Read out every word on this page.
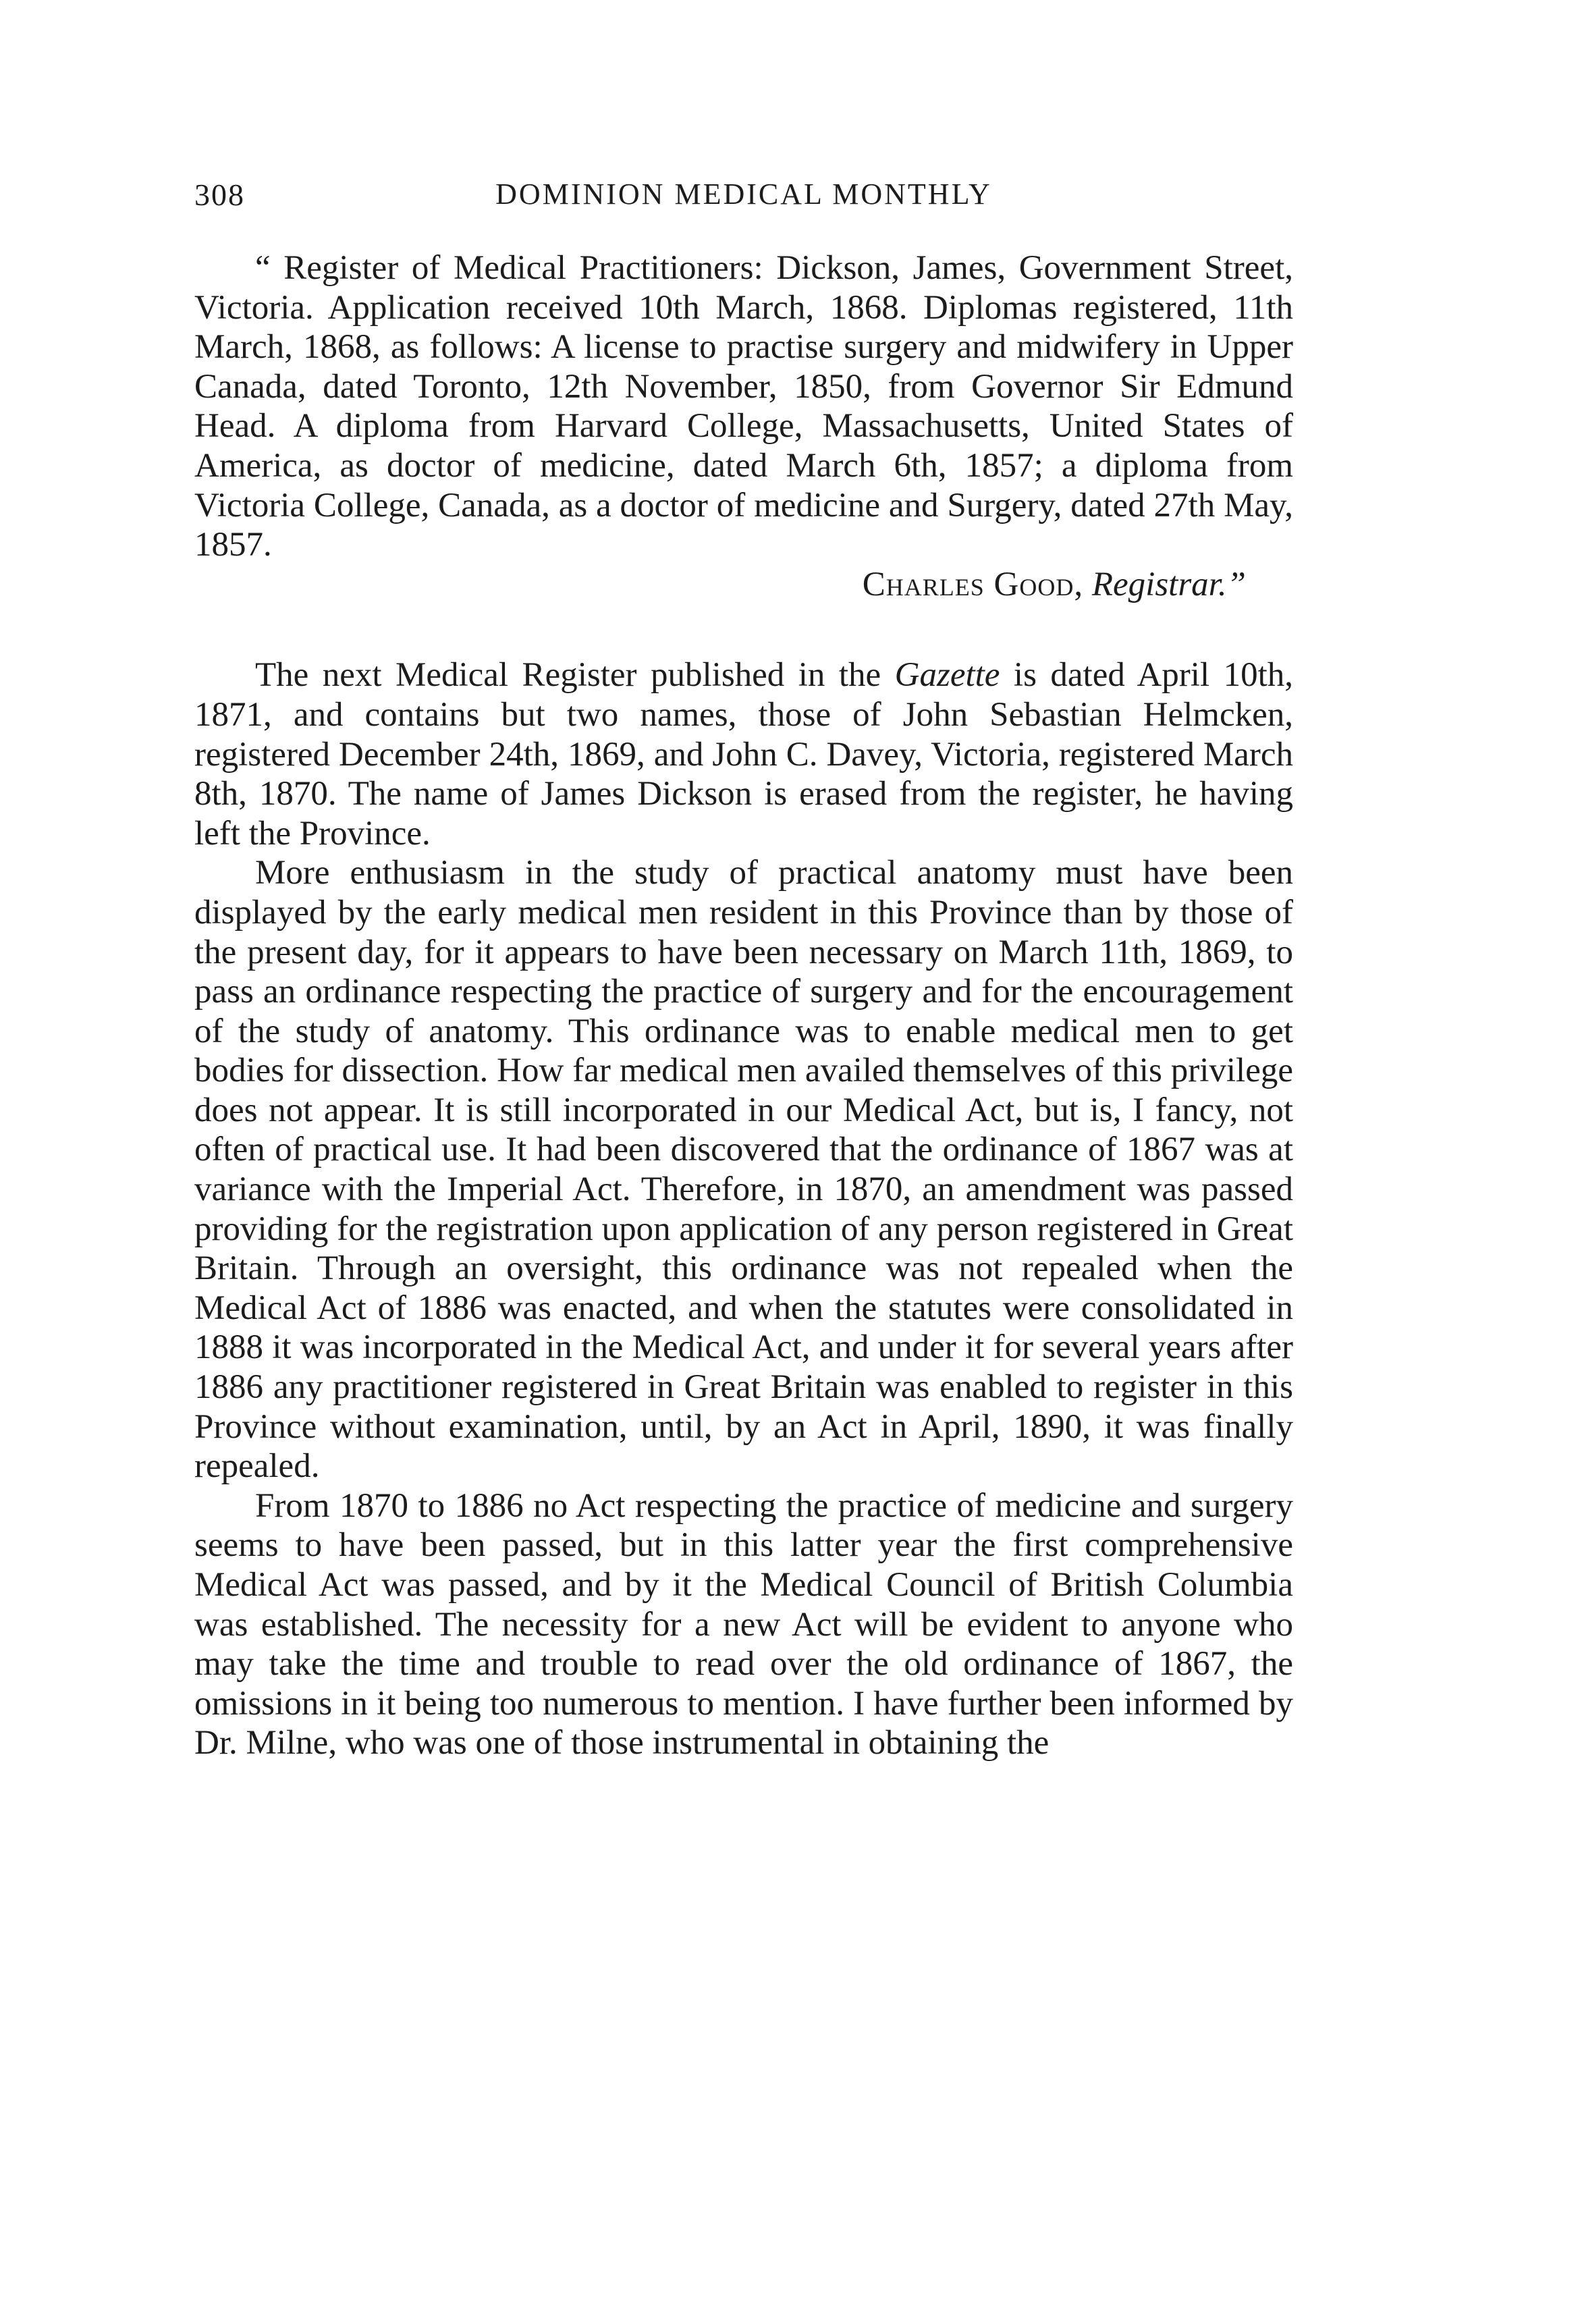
308	DOMINION MEDICAL MONTHLY

“ Register of Medical Practitioners: Dickson, James, Government Street, Victoria. Application received 10th March, 1868. Diplomas registered, 11th March, 1868, as follows: A license to practise surgery and midwifery in Upper Canada, dated Toronto, 12th November, 1850, from Governor Sir Edmund Head. A diploma from Harvard College, Massachusetts, United States of America, as doctor of medicine, dated March 6th, 1857; a diploma from Victoria College, Canada, as a doctor of medicine and Surgery, dated 27th May, 1857.

Charles Good, Registrar.”

The next Medical Register published in the Gazette is dated April 10th, 1871, and contains but two names, those of John Sebastian Helmcken, registered December 24th, 1869, and John C. Davey, Victoria, registered March 8th, 1870. The name of James Dickson is erased from the register, he having left the Province.

More enthusiasm in the study of practical anatomy must have been displayed by the early medical men resident in this Province than by those of the present day, for it appears to have been necessary on March 11th, 1869, to pass an ordinance respecting the practice of surgery and for the encouragement of the study of anatomy. This ordinance was to enable medical men to get bodies for dissection. How far medical men availed themselves of this privilege does not appear. It is still incorporated in our Medical Act, but is, I fancy, not often of practical use. It had been discovered that the ordinance of 1867 was at variance with the Imperial Act. Therefore, in 1870, an amendment was passed providing for the registration upon application of any person registered in Great Britain. Through an oversight, this ordinance was not repealed when the Medical Act of 1886 was enacted, and when the statutes were consolidated in 1888 it was incorporated in the Medical Act, and under it for several years after 1886 any practitioner registered in Great Britain was enabled to register in this Province without examination, until, by an Act in April, 1890, it was finally repealed.

From 1870 to 1886 no Act respecting the practice of medicine and surgery seems to have been passed, but in this latter year the first comprehensive Medical Act was passed, and by it the Medical Council of British Columbia was established. The necessity for a new Act will be evident to anyone who may take the time and trouble to read over the old ordinance of 1867, the omissions in it being too numerous to mention. I have further been informed by Dr. Milne, who was one of those instrumental in obtaining the
